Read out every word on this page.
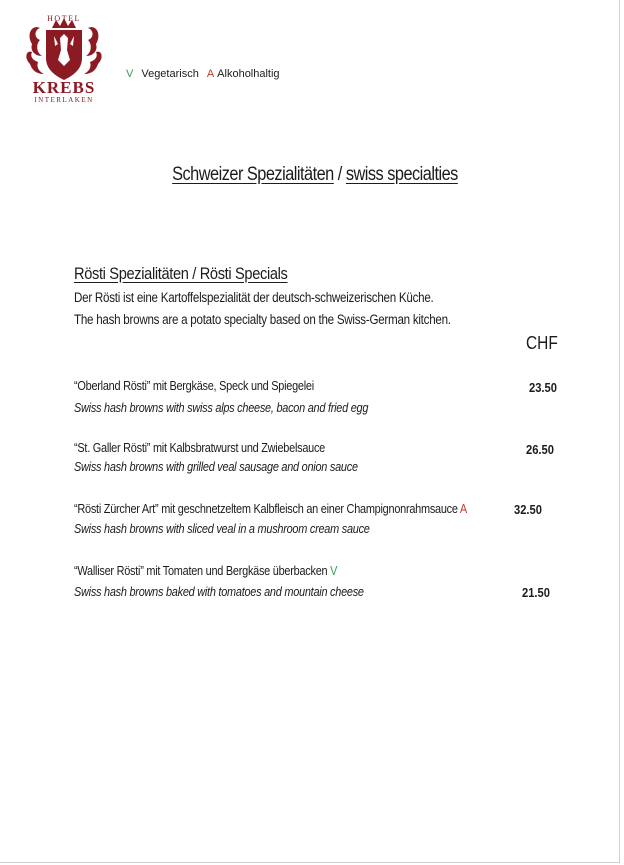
HOTEL
KREBS
INTERLAKEN
V Vegetarisch A Alkoholhaltig
Schweizer Spezialitäten / swiss specialties
Rösti Spezialitäten / Rösti Specials
Der Rösti ist eine Kartoffelspezialität der deutsch-schweizerischen Küche.
The hash browns are a potato specialty based on the Swiss-German kitchen.
CHF
“Oberland Rösti” mit Bergkäse, Speck und Spiegelei
Swiss hash browns with swiss alps cheese, bacon and fried egg
23.50
“St. Galler Rösti” mit Kalbsbratwurst und Zwiebelsauce
Swiss hash browns with grilled veal sausage and onion sauce
26.50
“Rösti Zürcher Art” mit geschnetzeltem Kalbfleisch an einer Champignonrahmsauce A
Swiss hash browns with sliced veal in a mushroom cream sauce
32.50
“Walliser Rösti” mit Tomaten und Bergkäse überbacken V
Swiss hash browns baked with tomatoes and mountain cheese	21.50
